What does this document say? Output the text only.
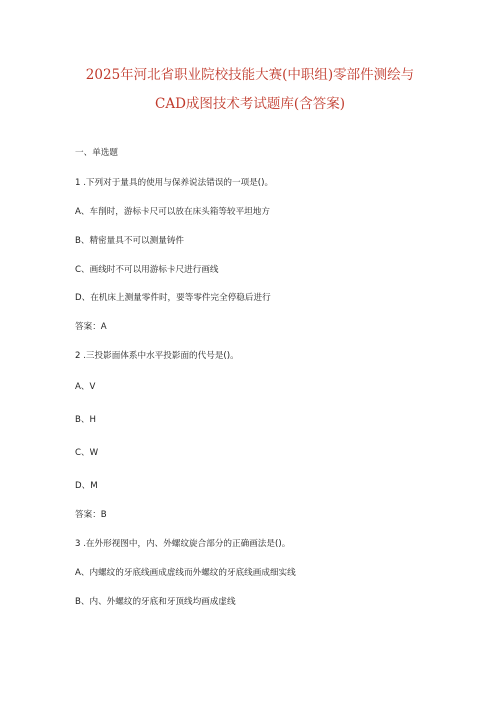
2025年河北省职业院校技能大赛(中职组)零部件测绘与
CAD成图技术考试题库(含答案)
一、单选题
1 .下列对于量具的使用与保养说法错误的一项是()。
A、车削时，游标卡尺可以放在床头箱等较平坦地方
B、精密量具不可以测量铸件
C、画线时不可以用游标卡尺进行画线
D、在机床上测量零件时，要等零件完全停稳后进行
答案：A
2 .三投影面体系中水平投影面的代号是()。
A、V
B、H
C、W
D、M
答案：B
3 .在外形视图中，内、外螺纹旋合部分的正确画法是()。
A、内螺纹的牙底线画成虚线而外螺纹的牙底线画成细实线
B、内、外螺纹的牙底和牙顶线均画成虚线
